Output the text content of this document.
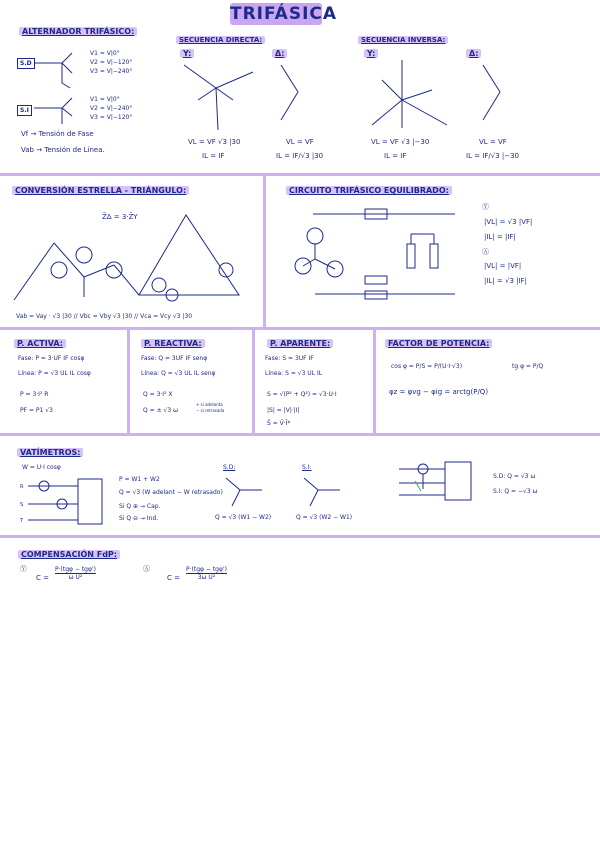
TRIFÁSICA
ALTERNADOR TRIFÁSICO:
S.D
S.I
V1 = V|0°
V2 = V|−120°
V3 = V|−240°
V1 = V|0°
V2 = V|−240°
V3 = V|−120°
Vf → Tensión de Fase
Vab → Tensión de Línea.
SECUENCIA DIRECTA:
Y:	Δ:
VL = VF √3 |30
IL = IF
VL = VF
IL = IF/√3 |30
SECUENCIA INVERSA:
Y:	Δ:
VL = VF √3 |−30
IL = IF
VL = VF
IL = IF/√3 |−30
CONVERSIÓN ESTRELLA - TRIÁNGULO:
Z̄Δ = 3·Z̄Y
Vab = Vay · √3 |30 // Vbc = Vby √3 |30 // Vca = Vcy √3 |30
CIRCUITO TRIFÁSICO EQUILIBRADO:
Ⓨ
|VL| = √3 |VF|
|IL| = |IF|
Ⓐ
|VL| = |VF|
|IL| = √3 |IF|
P. ACTIVA:
Fase: P = 3·UF IF cosφ
Línea: P = √3 UL IL cosφ
P = 3·I² R
PF = P1 √3
P. REACTIVA:
Fase: Q = 3UF IF senφ
Línea: Q = √3 UL IL senφ
Q = 3·I² X
Q = ± √3 ω
+ si adelanta
− si retrasada
P. APARENTE:
Fase: S = 3UF IF
Línea: S = √3 UL IL
S = √(P² + Q²) = √3·U·I
|S| = |V|·|I|
S̄ = V̄·Ī*
FACTOR DE POTENCIA:
cos φ = P/S = P/(U·I·√3)	tg φ = P/Q
φz = φvg − φig = arctg(P/Q)
VATÍMETROS:
W = U·I cosφ
R
S
T
P = W1 + W2
Q = √3 (W adelant − W retrasado)
Si Q ⊕ → Cap.
Si Q ⊖ → Ind.
S.D:
Q = √3 (W1 − W2)
S.I:
Q = √3 (W2 − W1)
S.D: Q = √3 ω
S.I: Q = −√3 ω
COMPENSACIÓN FdP:
Ⓨ
C =
P·(tgφ − tgφ')
ω U²
Ⓐ
C =
P·(tgφ − tgφ')
3ω U²
